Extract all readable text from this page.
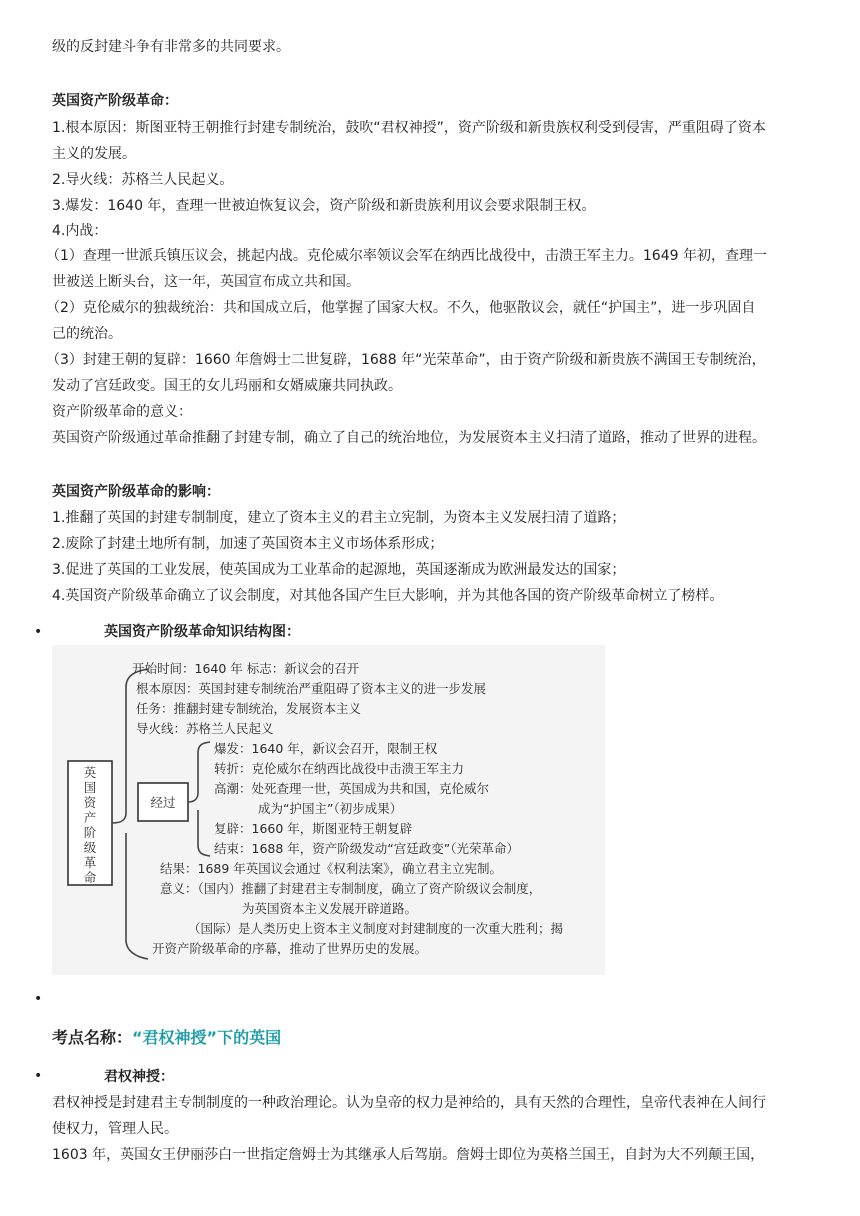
级的反封建斗争有非常多的共同要求。
英国资产阶级革命：
1.根本原因：斯图亚特王朝推行封建专制统治，鼓吹“君权神授”，资产阶级和新贵族权利受到侵害，严重阻碍了资本
主义的发展。
2.导火线：苏格兰人民起义。
3.爆发：1640 年，查理一世被迫恢复议会，资产阶级和新贵族利用议会要求限制王权。
4.内战：
（1）查理一世派兵镇压议会，挑起内战。克伦威尔率领议会军在纳西比战役中，击溃王军主力。1649 年初，查理一
世被送上断头台，这一年，英国宣布成立共和国。
（2）克伦威尔的独裁统治：共和国成立后，他掌握了国家大权。不久，他驱散议会，就任“护国主”，进一步巩固自
己的统治。
（3）封建王朝的复辟：1660 年詹姆士二世复辟，1688 年“光荣革命”，由于资产阶级和新贵族不满国王专制统治，
发动了宫廷政变。国王的女儿玛丽和女婿威廉共同执政。
资产阶级革命的意义：
英国资产阶级通过革命推翻了封建专制，确立了自己的统治地位，为发展资本主义扫清了道路，推动了世界的进程。
英国资产阶级革命的影响：
1.推翻了英国的封建专制制度，建立了资本主义的君主立宪制，为资本主义发展扫清了道路；
2.废除了封建土地所有制，加速了英国资本主义市场体系形成；
3.促进了英国的工业发展，使英国成为工业革命的起源地，英国逐渐成为欧洲最发达的国家；
4.英国资产阶级革命确立了议会制度，对其他各国产生巨大影响，并为其他各国的资产阶级革命树立了榜样。
英国资产阶级革命知识结构图：
•
英
国
资
产
阶
级
革
命
经过
开始时间：1640 年 标志：新议会的召开
根本原因：英国封建专制统治严重阻碍了资本主义的进一步发展
任务：推翻封建专制统治，发展资本主义
导火线：苏格兰人民起义
爆发：1640 年，新议会召开，限制王权
转折：克伦威尔在纳西比战役中击溃王军主力
高潮：处死查理一世，英国成为共和国，克伦威尔
成为“护国主”（初步成果）
复辟：1660 年，斯图亚特王朝复辟
结束：1688 年，资产阶级发动“宫廷政变”（光荣革命）
结果：1689 年英国议会通过《权利法案》，确立君主立宪制。
意义：（国内）推翻了封建君主专制制度，确立了资产阶级议会制度，
为英国资本主义发展开辟道路。
（国际）是人类历史上资本主义制度对封建制度的一次重大胜利；揭
开资产阶级革命的序幕，推动了世界历史的发展。
•
考点名称：“君权神授”下的英国
•	君权神授：
君权神授是封建君主专制制度的一种政治理论。认为皇帝的权力是神给的，具有天然的合理性，皇帝代表神在人间行
使权力，管理人民。
1603 年，英国女王伊丽莎白一世指定詹姆士为其继承人后驾崩。詹姆士即位为英格兰国王，自封为大不列颠王国，
